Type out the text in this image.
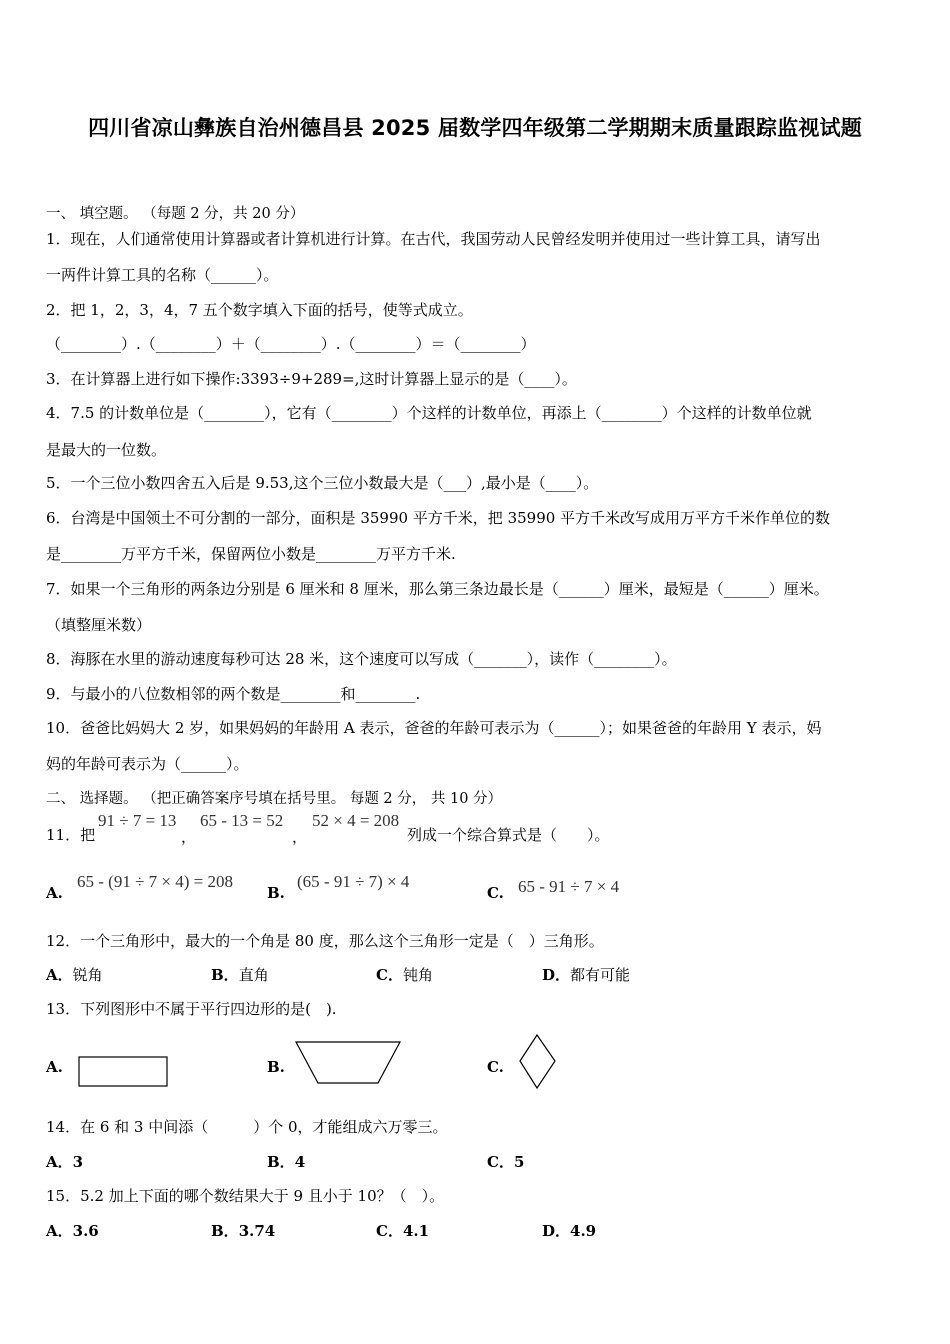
四川省凉山彝族自治州德昌县 2025 届数学四年级第二学期期末质量跟踪监视试题
一、 填空题。 （每题 2 分，共 20 分）
1．现在，人们通常使用计算器或者计算机进行计算。在古代，我国劳动人民曾经发明并使用过一些计算工具，请写出
一两件计算工具的名称（______）。
2．把 1，2，3，4，7 五个数字填入下面的括号，使等式成立。
（________）.（________）＋（________）.（________）＝（________）
3．在计算器上进行如下操作:3393÷9+289=,这时计算器上显示的是（____）。
4．7.5 的计数单位是（________），它有（________）个这样的计数单位，再添上（________）个这样的计数单位就
是最大的一位数。
5．一个三位小数四舍五入后是 9.53,这个三位小数最大是（___）,最小是（____）。
6．台湾是中国领土不可分割的一部分，面积是 35990 平方千米，把 35990 平方千米改写成用万平方千米作单位的数
是________万平方千米，保留两位小数是________万平方千米.
7．如果一个三角形的两条边分别是 6 厘米和 8 厘米，那么第三条边最长是（______）厘米，最短是（______）厘米。
（填整厘米数）
8．海豚在水里的游动速度每秒可达 28 米，这个速度可以写成（_______），读作（________）。
9．与最小的八位数相邻的两个数是________和________.
10．爸爸比妈妈大 2 岁，如果妈妈的年龄用 A 表示，爸爸的年龄可表示为（______）；如果爸爸的年龄用 Y 表示，妈
妈的年龄可表示为（______）。
二、 选择题。 （把正确答案序号填在括号里。 每题 2 分， 共 10 分）
11．把
91 ÷ 7 = 13
，
65 - 13 = 52
，
52 × 4 = 208
列成一个综合算式是（　　）。
A.
65 - (91 ÷ 7 × 4) = 208
B.
(65 - 91 ÷ 7) × 4
C. 65 - 91 ÷ 7 × 4
12．一个三角形中，最大的一个角是 80 度，那么这个三角形一定是（　）三角形。
A．锐角	B．直角	C．钝角	D．都有可能
13．下列图形中不属于平行四边形的是(　).
A.	B.	C.
14．在 6 和 3 中间添（　　　）个 0，才能组成六万零三。
A．3	B．4	C．5
15．5.2 加上下面的哪个数结果大于 9 且小于 10？（　）。
A．3.6	B．3.74	C．4.1	D．4.9
